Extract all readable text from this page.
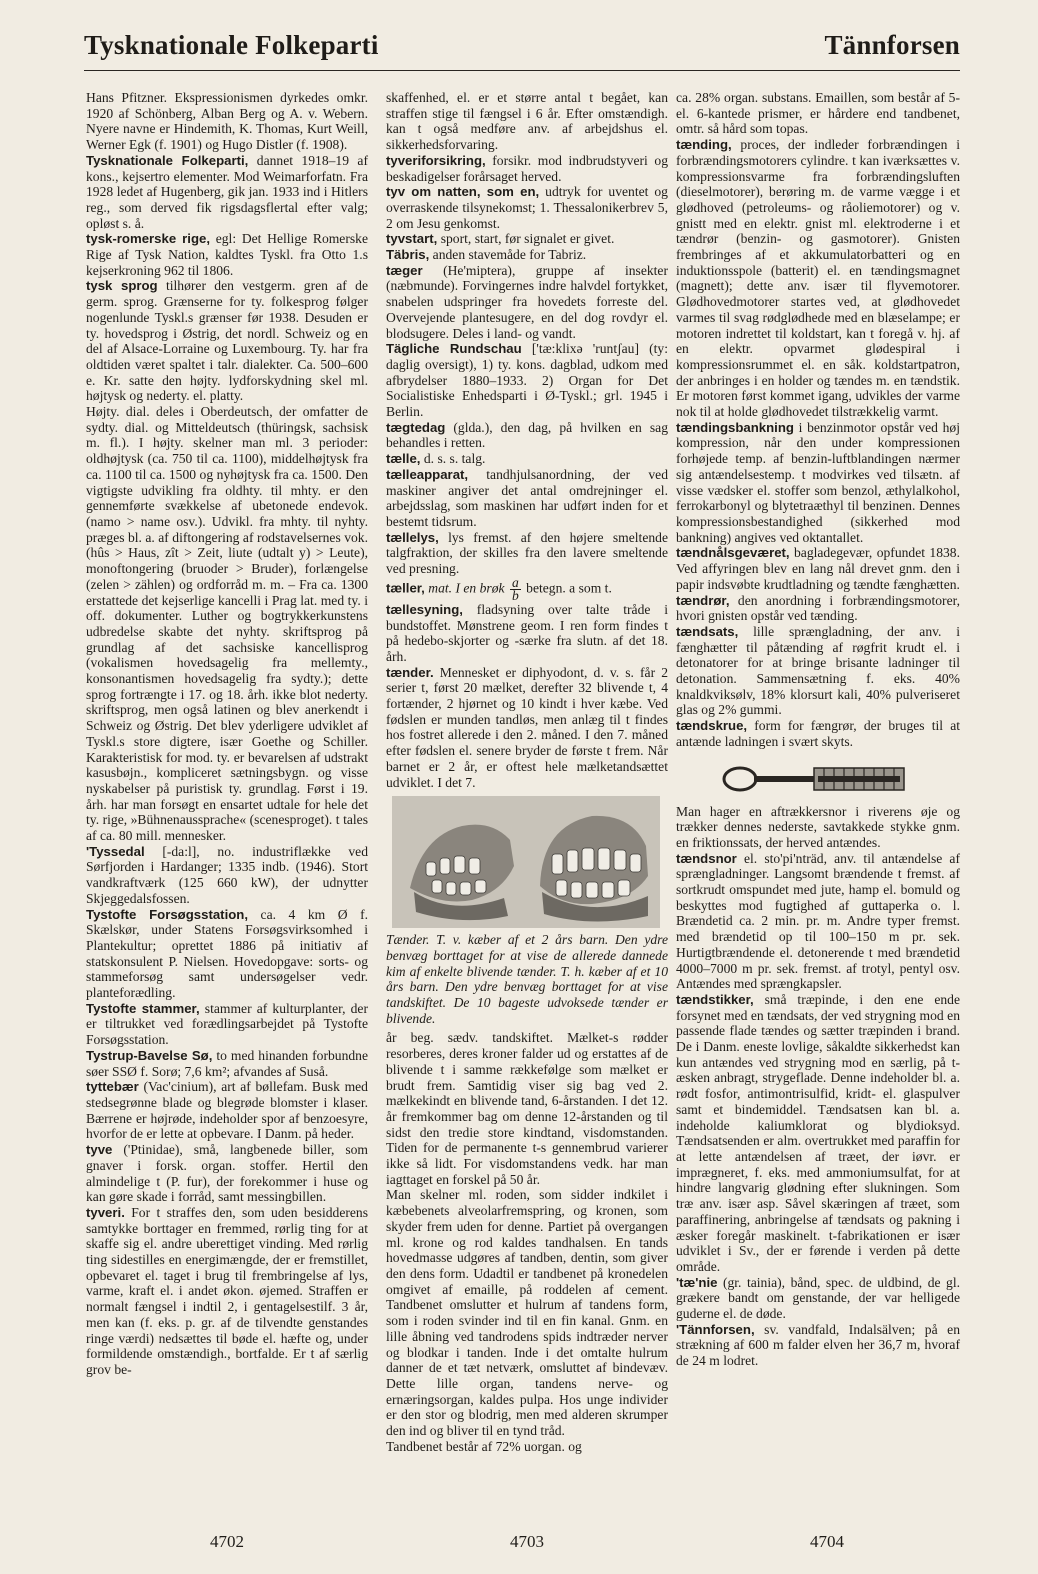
Tysknationale Folkeparti	Tännforsen

Hans Pfitzner. Ekspressionismen dyrkedes omkr. 1920 af Schönberg, Alban Berg og A. v. Webern. Nyere navne er Hindemith, K. Thomas, Kurt Weill, Werner Egk (f. 1901) og Hugo Distler (f. 1908).

Tysknationale Folkeparti, dannet 1918–19 af kons., kejsertro elementer. Mod Weimarforfatn. Fra 1928 ledet af Hugenberg, gik jan. 1933 ind i Hitlers reg., som derved fik rigsdagsflertal efter valg; opløst s. å.

tysk-romerske rige, egl: Det Hellige Romerske Rige af Tysk Nation, kaldtes Tyskl. fra Otto 1.s kejserkroning 962 til 1806.

tysk sprog tilhører den vestgerm. gren af de germ. sprog. Grænserne for ty. folkesprog følger nogenlunde Tyskl.s grænser før 1938. Desuden er ty. hovedsprog i Østrig, det nordl. Schweiz og en del af Alsace-Lorraine og Luxembourg. Ty. har fra oldtiden været spaltet i talr. dialekter. Ca. 500–600 e. Kr. satte den højty. lydforskydning skel ml. højtysk og nederty. el. platty.

Højty. dial. deles i Oberdeutsch, der omfatter de sydty. dial. og Mitteldeutsch (thüringsk, sachsisk m. fl.). I højty. skelner man ml. 3 perioder: oldhøjtysk (ca. 750 til ca. 1100), middelhøjtysk fra ca. 1100 til ca. 1500 og nyhøjtysk fra ca. 1500. Den vigtigste udvikling fra oldhty. til mhty. er den gennemførte svækkelse af ubetonede endevok. (namo > name osv.). Udvikl. fra mhty. til nyhty. præges bl. a. af diftongering af rodstavelsernes vok. (hûs > Haus, zît > Zeit, liute (udtalt y) > Leute), monoftongering (bruoder > Bruder), forlængelse (zelen > zählen) og ordforråd m. m. – Fra ca. 1300 erstattede det kejserlige kancelli i Prag lat. med ty. i off. dokumenter. Luther og bogtrykkerkunstens udbredelse skabte det nyhty. skriftsprog på grundlag af det sachsiske kancellisprog (vokalismen hovedsagelig fra mellemty., konsonantismen hovedsagelig fra sydty.); dette sprog fortrængte i 17. og 18. årh. ikke blot nederty. skriftsprog, men også latinen og blev anerkendt i Schweiz og Østrig. Det blev yderligere udviklet af Tyskl.s store digtere, især Goethe og Schiller. Karakteristisk for mod. ty. er bevarelsen af udstrakt kasusbøjn., kompliceret sætningsbygn. og visse nyskabelser på puristisk ty. grundlag. Først i 19. årh. har man forsøgt en ensartet udtale for hele det ty. rige, »Bühnenaussprache« (scenesproget). t tales af ca. 80 mill. mennesker.

'Tyssedal [-da:l], no. industriflække ved Sørfjorden i Hardanger; 1335 indb. (1946). Stort vandkraftværk (125 660 kW), der udnytter Skjeggedalsfossen.

Tystofte Forsøgsstation, ca. 4 km Ø f. Skælskør, under Statens Forsøgsvirksomhed i Plantekultur; oprettet 1886 på initiativ af statskonsulent P. Nielsen. Hovedopgave: sorts- og stammeforsøg samt undersøgelser vedr. planteforædling.

Tystofte stammer, stammer af kulturplanter, der er tiltrukket ved forædlingsarbejdet på Tystofte Forsøgsstation.

Tystrup-Bavelse Sø, to med hinanden forbundne søer SSØ f. Sorø; 7,6 km²; afvandes af Suså.

tyttebær (Vac'cinium), art af bøllefam. Busk med stedsegrønne blade og blegrøde blomster i klaser. Bærrene er højrøde, indeholder spor af benzoesyre, hvorfor de er lette at opbevare. I Danm. på heder.

tyve ('Ptinidae), små, langbenede biller, som gnaver i forsk. organ. stoffer. Hertil den almindelige t (P. fur), der forekommer i huse og kan gøre skade i forråd, samt messingbillen.

tyveri. For t straffes den, som uden besidderens samtykke borttager en fremmed, rørlig ting for at skaffe sig el. andre uberettiget vinding. Med rørlig ting sidestilles en energimængde, der er fremstillet, opbevaret el. taget i brug til frembringelse af lys, varme, kraft el. i andet økon. øjemed. Straffen er normalt fængsel i indtil 2, i gentagelsestilf. 3 år, men kan (f. eks. p. gr. af de tilvendte genstandes ringe værdi) nedsættes til bøde el. hæfte og, under formildende omstændigh., bortfalde. Er t af særlig grov be-

skaffenhed, el. er et større antal t begået, kan straffen stige til fængsel i 6 år. Efter omstændigh. kan t også medføre anv. af arbejdshus el. sikkerhedsforvaring.

tyveriforsikring, forsikr. mod indbrudstyveri og beskadigelser forårsaget herved.

tyv om natten, som en, udtryk for uventet og overraskende tilsynekomst; 1. Thessalonikerbrev 5, 2 om Jesu genkomst.

tyvstart, sport, start, før signalet er givet.

Täbris, anden stavemåde for Tabriz.

tæger (He'miptera), gruppe af insekter (næbmunde). Forvingernes indre halvdel fortykket, snabelen udspringer fra hovedets forreste del. Overvejende plantesugere, en del dog rovdyr el. blodsugere. Deles i land- og vandt.

Tägliche Rundschau ['tæ:klixə 'runtʃau] (ty: daglig oversigt), 1) ty. kons. dagblad, udkom med afbrydelser 1880–1933. 2) Organ for Det Socialistiske Enhedsparti i Ø-Tyskl.; grl. 1945 i Berlin.

tægtedag (glda.), den dag, på hvilken en sag behandles i retten.

tælle, d. s. s. talg.

tælleapparat, tandhjulsanordning, der ved maskiner angiver det antal omdrejninger el. arbejdsslag, som maskinen har udført inden for et bestemt tidsrum.

tællelys, lys fremst. af den højere smeltende talgfraktion, der skilles fra den lavere smeltende ved presning.

tæller, mat. I en brøk $\frac{a}{b}$ betegn. a som t.

tællesyning, fladsyning over talte tråde i bundstoffet. Mønstrene geom. I ren form findes t på hedebo-skjorter og -særke fra slutn. af det 18. årh.

tænder. Mennesket er diphyodont, d. v. s. får 2 serier t, først 20 mælket, derefter 32 blivende t, 4 fortænder, 2 hjørnet og 10 kindt i hver kæbe. Ved fødslen er munden tandløs, men anlæg til t findes hos fostret allerede i den 2. måned. I den 7. måned efter fødslen el. senere bryder de første t frem. Når barnet er 2 år, er oftest hele mælketandsættet udviklet. I det 7.

Tænder. T. v. kæber af et 2 års barn. Den ydre benvæg borttaget for at vise de allerede dannede kim af enkelte blivende tænder. T. h. kæber af et 10 års barn. Den ydre benvæg borttaget for at vise tandskiftet. De 10 bageste udvoksede tænder er blivende.

år beg. sædv. tandskiftet. Mælket-s rødder resorberes, deres kroner falder ud og erstattes af de blivende t i samme rækkefølge som mælket er brudt frem. Samtidig viser sig bag ved 2. mælkekindt en blivende tand, 6-årstanden. I det 12. år fremkommer bag om denne 12-årstanden og til sidst den tredie store kindtand, visdomstanden. Tiden for de permanente t-s gennembrud varierer ikke så lidt. For visdomstandens vedk. har man iagttaget en forskel på 50 år.

Man skelner ml. roden, som sidder indkilet i kæbebenets alveolarfremspring, og kronen, som skyder frem uden for denne. Partiet på overgangen ml. krone og rod kaldes tandhalsen. En tands hovedmasse udgøres af tandben, dentin, som giver den dens form. Udadtil er tandbenet på kronedelen omgivet af emaille, på roddelen af cement. Tandbenet omslutter et hulrum af tandens form, som i roden svinder ind til en fin kanal. Gnm. en lille åbning ved tandrodens spids indtræder nerver og blodkar i tanden. Inde i det omtalte hulrum danner de et tæt netværk, omsluttet af bindevæv. Dette lille organ, tandens nerve- og ernæringsorgan, kaldes pulpa. Hos unge individer er den stor og blodrig, men med alderen skrumper den ind og bliver til en tynd tråd.

Tandbenet består af 72% uorgan. og

ca. 28% organ. substans. Emaillen, som består af 5- el. 6-kantede prismer, er hårdere end tandbenet, omtr. så hård som topas.

tænding, proces, der indleder forbrændingen i forbrændingsmotorers cylindre. t kan iværksættes v. kompressionsvarme fra forbrændingsluften (dieselmotorer), berøring m. de varme vægge i et glødhoved (petroleums- og råoliemotorer) og v. gnistt med en elektr. gnist ml. elektroderne i et tændrør (benzin- og gasmotorer). Gnisten frembringes af et akkumulatorbatteri og en induktionsspole (batterit) el. en tændingsmagnet (magnett); dette anv. især til flyvemotorer. Glødhovedmotorer startes ved, at glødhovedet varmes til svag rødglødhede med en blæselampe; er motoren indrettet til koldstart, kan t foregå v. hj. af en elektr. opvarmet glødespiral i kompressionsrummet el. en såk. koldstartpatron, der anbringes i en holder og tændes m. en tændstik. Er motoren først kommet igang, udvikles der varme nok til at holde glødhovedet tilstrækkelig varmt.

tændingsbankning i benzinmotor opstår ved høj kompression, når den under kompressionen forhøjede temp. af benzin-luftblandingen nærmer sig antændelsestemp. t modvirkes ved tilsætn. af visse vædsker el. stoffer som benzol, æthylalkohol, ferrokarbonyl og blytetraæthyl til benzinen. Dennes kompressionsbestandighed (sikkerhed mod bankning) angives ved oktantallet.

tændnålsgeværet, bagladegevær, opfundet 1838. Ved affyringen blev en lang nål drevet gnm. den i papir indsvøbte krudtladning og tændte fænghætten.

tændrør, den anordning i forbrændingsmotorer, hvori gnisten opstår ved tænding.

tændsats, lille sprængladning, der anv. i fænghætter til påtænding af røgfrit krudt el. i detonatorer for at bringe brisante ladninger til detonation. Sammensætning f. eks. 40% knaldkviksølv, 18% klorsurt kali, 40% pulveriseret glas og 2% gummi.

tændskrue, form for fængrør, der bruges til at antænde ladningen i svært skyts.

Man hager en aftrækkersnor i riverens øje og trækker dennes nederste, savtakkede stykke gnm. en friktionssats, der herved antændes.

tændsnor el. sto'pi'nträd, anv. til antændelse af sprængladninger. Langsomt brændende t fremst. af sortkrudt omspundet med jute, hamp el. bomuld og beskyttes mod fugtighed af guttaperka o. l. Brændetid ca. 2 min. pr. m. Andre typer fremst. med brændetid op til 100–150 m pr. sek. Hurtigtbrændende el. detonerende t med brændetid 4000–7000 m pr. sek. fremst. af trotyl, pentyl osv. Antændes med sprængkapsler.

tændstikker, små træpinde, i den ene ende forsynet med en tændsats, der ved strygning mod en passende flade tændes og sætter træpinden i brand. De i Danm. eneste lovlige, såkaldte sikkerhedst kan kun antændes ved strygning mod en særlig, på t-æsken anbragt, strygeflade. Denne indeholder bl. a. rødt fosfor, antimontrisulfid, kridt- el. glaspulver samt et bindemiddel. Tændsatsen kan bl. a. indeholde kaliumklorat og blydioksyd. Tændsatsenden er alm. overtrukket med paraffin for at lette antændelsen af træet, der iøvr. er imprægneret, f. eks. med ammoniumsulfat, for at hindre langvarig glødning efter slukningen. Som træ anv. især asp. Såvel skæringen af træet, som paraffinering, anbringelse af tændsats og pakning i æsker foregår maskinelt. t-fabrikationen er især udviklet i Sv., der er førende i verden på dette område.

'tæ'nie (gr. tainia), bånd, spec. de uldbind, de gl. grækere bandt om genstande, der var helligede guderne el. de døde.

'Tännforsen, sv. vandfald, Indalsälven; på en strækning af 600 m falder elven her 36,7 m, hvoraf de 24 m lodret.

4702	4703	4704
